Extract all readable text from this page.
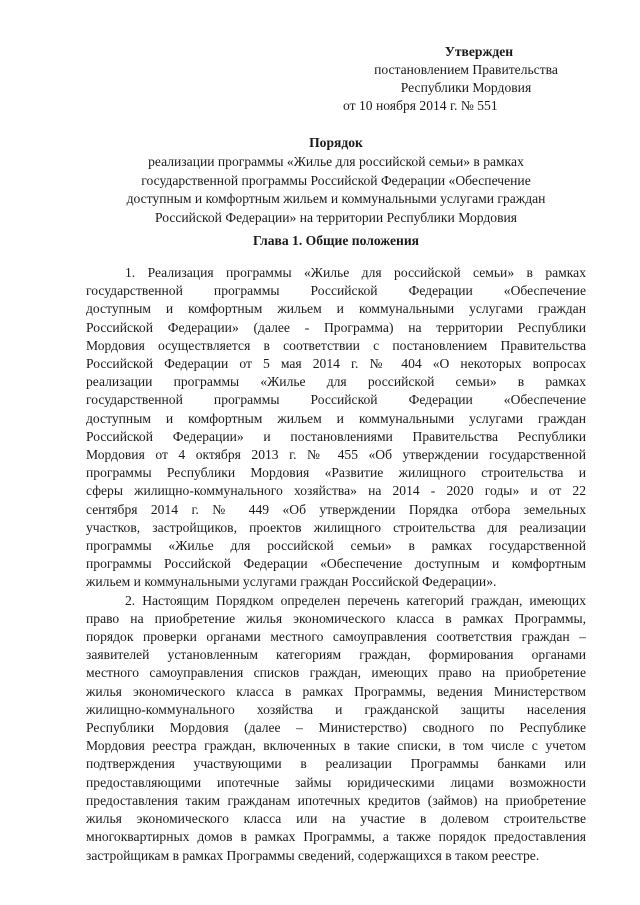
Утвержден
постановлением Правительства
Республики Мордовия
от 10 ноября 2014 г. № 551
Порядок
реализации программы «Жилье для российской семьи» в рамках
государственной программы Российской Федерации «Обеспечение
доступным и комфортным жильем и коммунальными услугами граждан
Российской Федерации» на территории Республики Мордовия
Глава 1. Общие положения
1. Реализация программы «Жилье для российской семьи» в рамках
государственной программы Российской Федерации «Обеспечение
доступным и комфортным жильем и коммунальными услугами граждан
Российской Федерации» (далее - Программа) на территории Республики
Мордовия осуществляется в соответствии с постановлением Правительства
Российской Федерации от 5 мая 2014 г. № 404 «О некоторых вопросах
реализации программы «Жилье для российской семьи» в рамках
государственной программы Российской Федерации «Обеспечение
доступным и комфортным жильем и коммунальными услугами граждан
Российской Федерации» и постановлениями Правительства Республики
Мордовия от 4 октября 2013 г. № 455 «Об утверждении государственной
программы Республики Мордовия «Развитие жилищного строительства и
сферы жилищно-коммунального хозяйства» на 2014 - 2020 годы» и от 22
сентября 2014 г. № 449 «Об утверждении Порядка отбора земельных
участков, застройщиков, проектов жилищного строительства для реализации
программы «Жилье для российской семьи» в рамках государственной
программы Российской Федерации «Обеспечение доступным и комфортным
жильем и коммунальными услугами граждан Российской Федерации».
2. Настоящим Порядком определен перечень категорий граждан, имеющих
право на приобретение жилья экономического класса в рамках Программы,
порядок проверки органами местного самоуправления соответствия граждан –
заявителей установленным категориям граждан, формирования органами
местного самоуправления списков граждан, имеющих право на приобретение
жилья экономического класса в рамках Программы, ведения Министерством
жилищно-коммунального хозяйства и гражданской защиты населения
Республики Мордовия (далее – Министерство) сводного по Республике
Мордовия реестра граждан, включенных в такие списки, в том числе с учетом
подтверждения участвующими в реализации Программы банками или
предоставляющими ипотечные займы юридическими лицами возможности
предоставления таким гражданам ипотечных кредитов (займов) на приобретение
жилья экономического класса или на участие в долевом строительстве
многоквартирных домов в рамках Программы, а также порядок предоставления
застройщикам в рамках Программы сведений, содержащихся в таком реестре.
